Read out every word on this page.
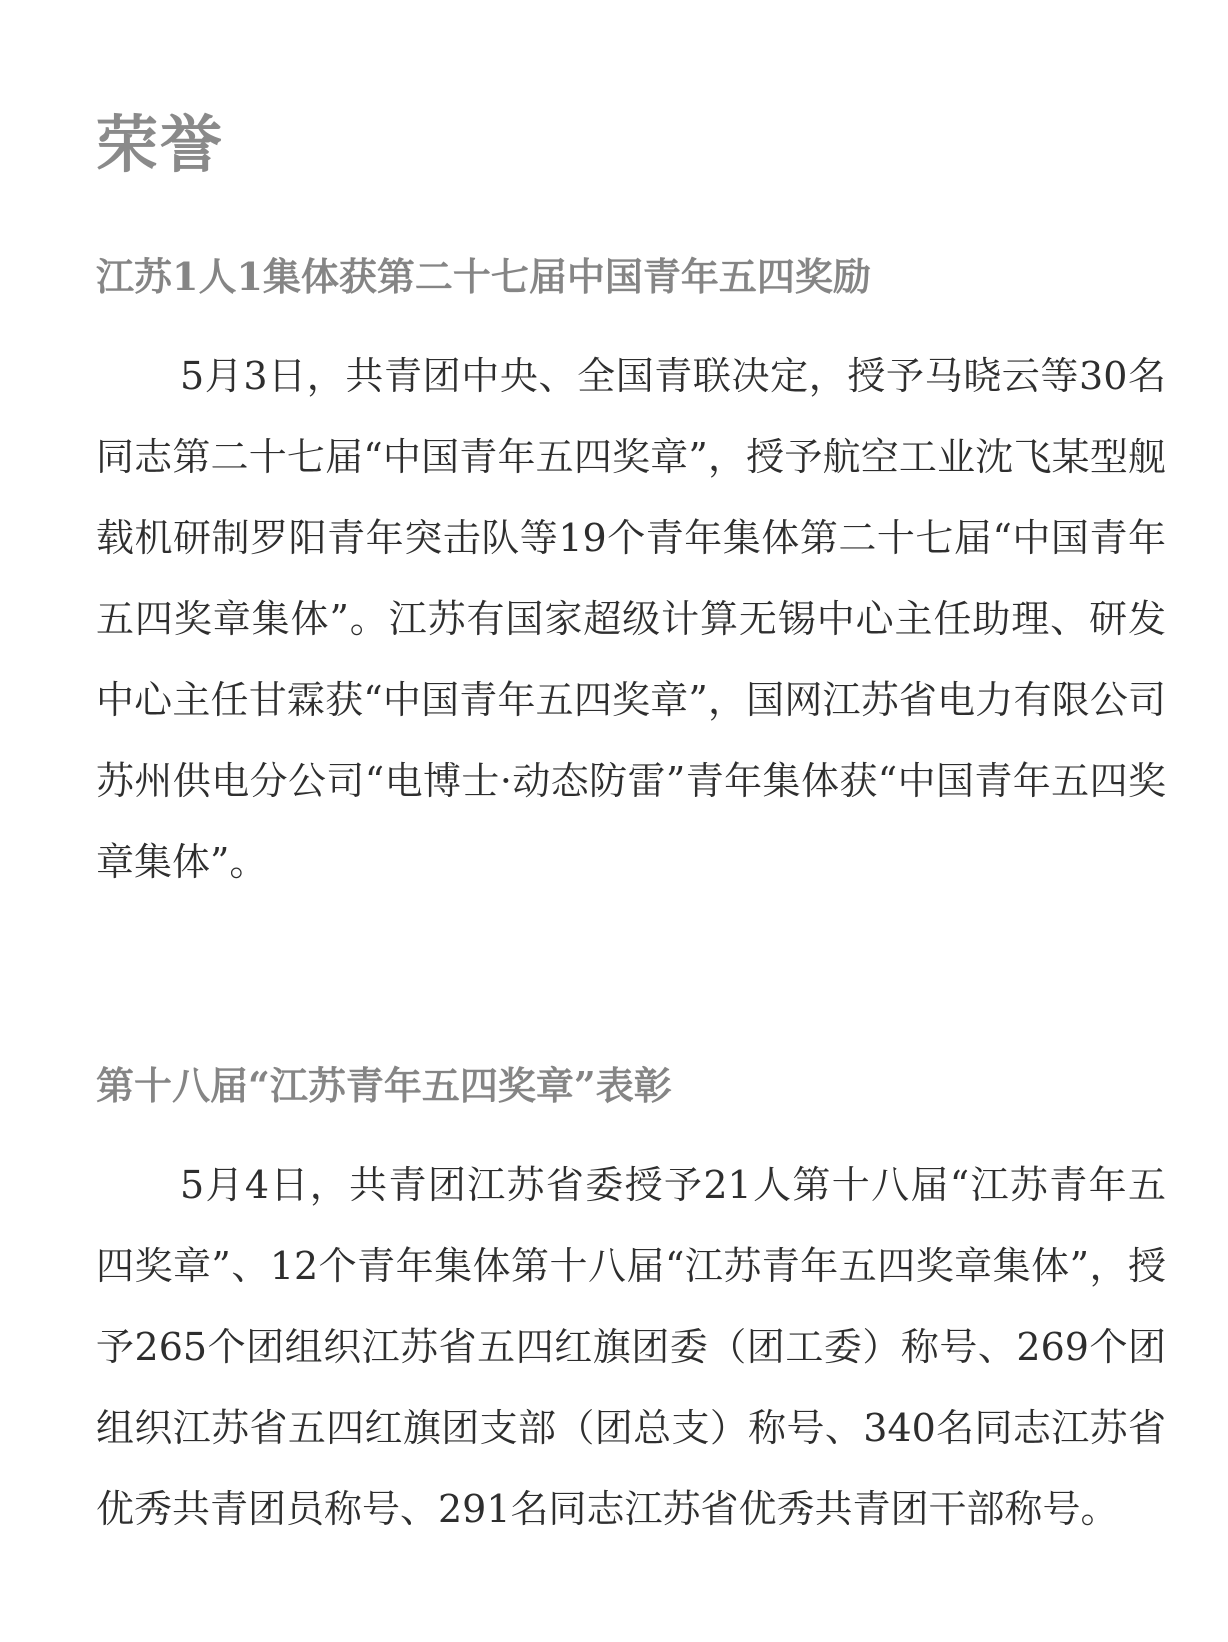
荣誉
江苏1人1集体获第二十七届中国青年五四奖励

5月3日，共青团中央、全国青联决定，授予马晓云等30名同志第二十七届“中国青年五四奖章”，授予航空工业沈飞某型舰载机研制罗阳青年突击队等19个青年集体第二十七届“中国青年五四奖章集体”。江苏有国家超级计算无锡中心主任助理、研发中心主任甘霖获“中国青年五四奖章”，国网江苏省电力有限公司苏州供电分公司“电博士·动态防雷”青年集体获“中国青年五四奖章集体”。

第十八届“江苏青年五四奖章”表彰

5月4日，共青团江苏省委授予21人第十八届“江苏青年五四奖章”、12个青年集体第十八届“江苏青年五四奖章集体”，授予265个团组织江苏省五四红旗团委（团工委）称号、269个团组织江苏省五四红旗团支部（团总支）称号、340名同志江苏省优秀共青团员称号、291名同志江苏省优秀共青团干部称号。
